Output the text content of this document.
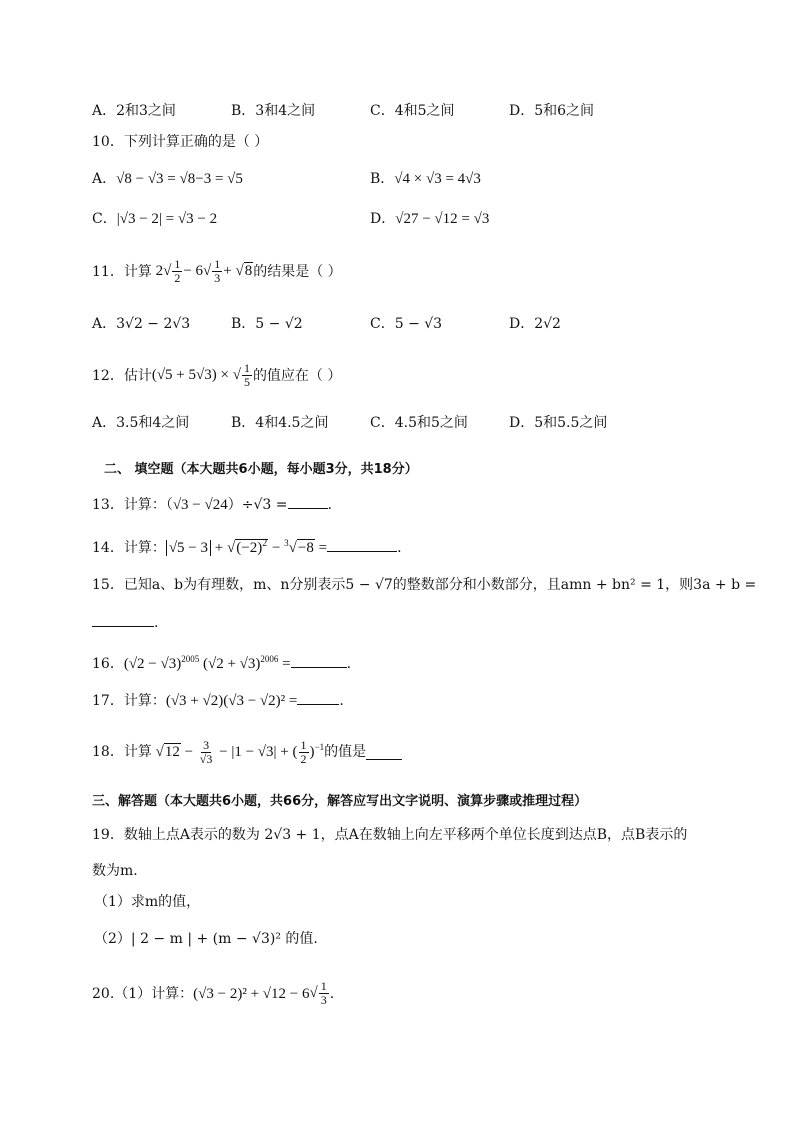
A．2和3之间	B．3和4之间	C．4和5之间	D．5和6之间
10．下列计算正确的是（ ）
A．√8 − √3 = √8−3 = √5	B．√4 × √3 = 4√3
C．|√3 − 2| = √3 − 2	D．√27 − √12 = √3
11．计算 $2√ \frac{1}{2} - 6√ \frac{1}{3} + √8$ 的结果是（ ）
A．3√2 − 2√3	B．5 − √2	C．5 − √3	D．2√2
12．估计 (√5 + 5√3) × √ $\frac{1}{5}$ 的值应在（ ）
A．3.5和4之间	B．4和4.5之间	C．4.5和5之间	D．5和5.5之间
二、 填空题（本大题共6小题，每小题3分，共18分）
13．计算：（√3 − √24）÷√3 =	.
14．计算： $√5 - 3 + √(-2)^2 - ^3√-8$ =	.
15．已知a、b为有理数，m、n分别表示5 − √7的整数部分和小数部分，且amn + bn² = 1，则3a + b =
.
16．$(√2 - √3)^{2005}$ $(√2 + √3)^{2006}$ =	.
17．计算：(√3 + √2)(√3 − √2)² =	.
18．计算 $√12 - \frac{3}{√3} - |1 - √3|$ + ( $\frac{1}{2} )^{-1}$ 的值是
三、解答题（本大题共6小题，共66分，解答应写出文字说明、演算步骤或推理过程）
19．数轴上点A表示的数为 2√3 + 1，点A在数轴上向左平移两个单位长度到达点B，点B表示的
数为m.
（1）求m的值，
（2）| 2 − m | + (m − √3)² 的值.
20.（1）计算： (√3 − 2)² + √12 − 6 √ $\frac{1}{3}$ .
